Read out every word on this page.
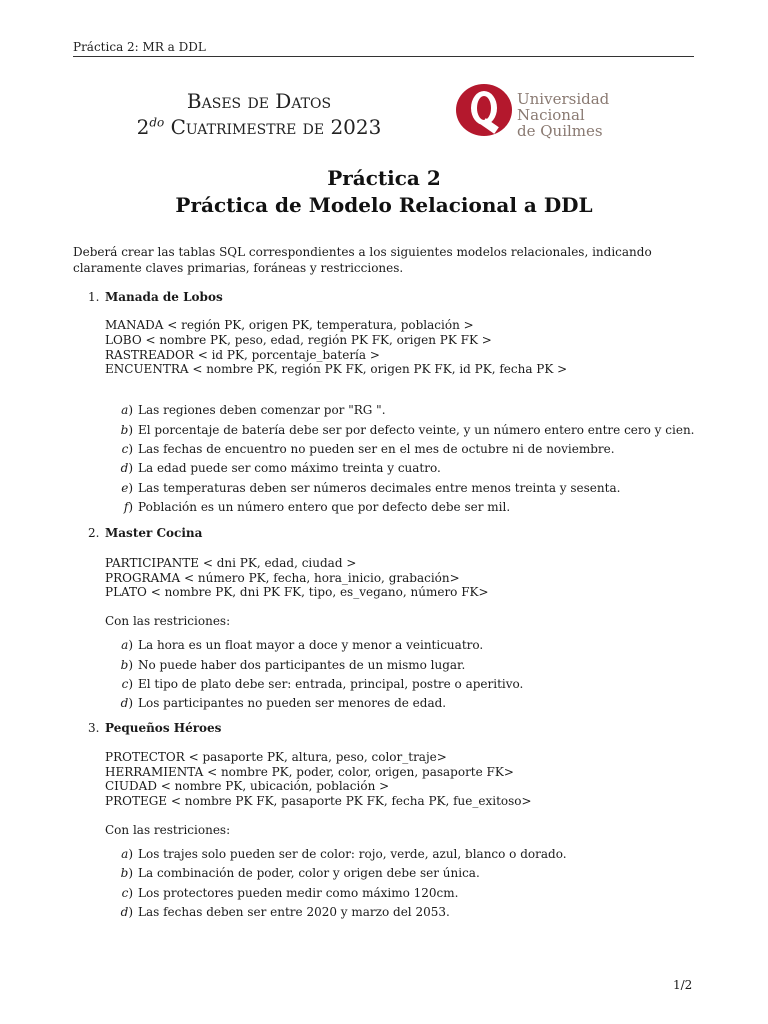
Práctica 2: MR a DDL
Bases de Datos
$2^{do}$ Cuatrimestre de 2023
Universidad
Nacional
de Quilmes
Práctica 2
Práctica de Modelo Relacional a DDL
Deberá crear las tablas SQL correspondientes a los siguientes modelos relacionales, indicando claramente claves primarias, foráneas y restricciones.
1. Manada de Lobos
MANADA < región PK, origen PK, temperatura, población >
LOBO < nombre PK, peso, edad, región PK FK, origen PK FK >
RASTREADOR < id PK, porcentaje_batería >
ENCUENTRA < nombre PK, región PK FK, origen PK FK, id PK, fecha PK >
a) Las regiones deben comenzar por "RG ".
b) El porcentaje de batería debe ser por defecto veinte, y un número entero entre cero y cien.
c) Las fechas de encuentro no pueden ser en el mes de octubre ni de noviembre.
d) La edad puede ser como máximo treinta y cuatro.
e) Las temperaturas deben ser números decimales entre menos treinta y sesenta.
f) Población es un número entero que por defecto debe ser mil.
2. Master Cocina
PARTICIPANTE < dni PK, edad, ciudad >
PROGRAMA < número PK, fecha, hora_inicio, grabación>
PLATO < nombre PK, dni PK FK, tipo, es_vegano, número FK>
Con las restriciones:
a) La hora es un float mayor a doce y menor a veinticuatro.
b) No puede haber dos participantes de un mismo lugar.
c) El tipo de plato debe ser: entrada, principal, postre o aperitivo.
d) Los participantes no pueden ser menores de edad.
3. Pequeños Héroes
PROTECTOR < pasaporte PK, altura, peso, color_traje>
HERRAMIENTA < nombre PK, poder, color, origen, pasaporte FK>
CIUDAD < nombre PK, ubicación, población >
PROTEGE < nombre PK FK, pasaporte PK FK, fecha PK, fue_exitoso>
Con las restriciones:
a) Los trajes solo pueden ser de color: rojo, verde, azul, blanco o dorado.
b) La combinación de poder, color y origen debe ser única.
c) Los protectores pueden medir como máximo 120cm.
d) Las fechas deben ser entre 2020 y marzo del 2053.
1/2
